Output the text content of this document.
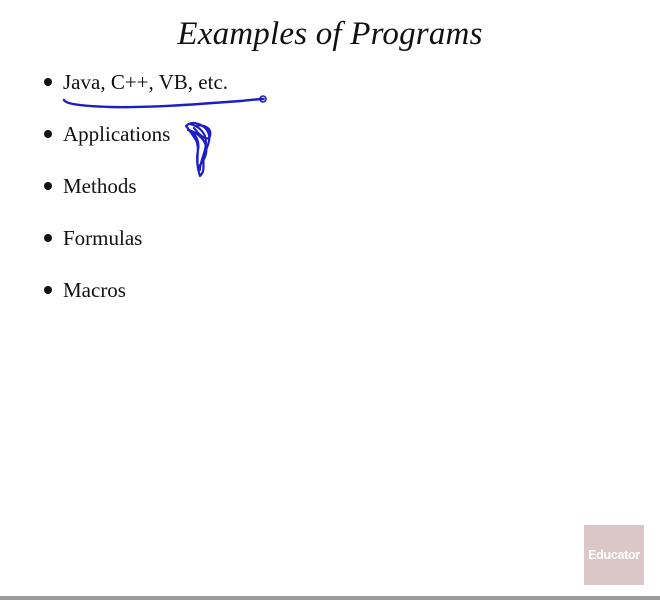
Examples of Programs
Java, C++, VB, etc.
Applications
Methods
Formulas
Macros
Educator
